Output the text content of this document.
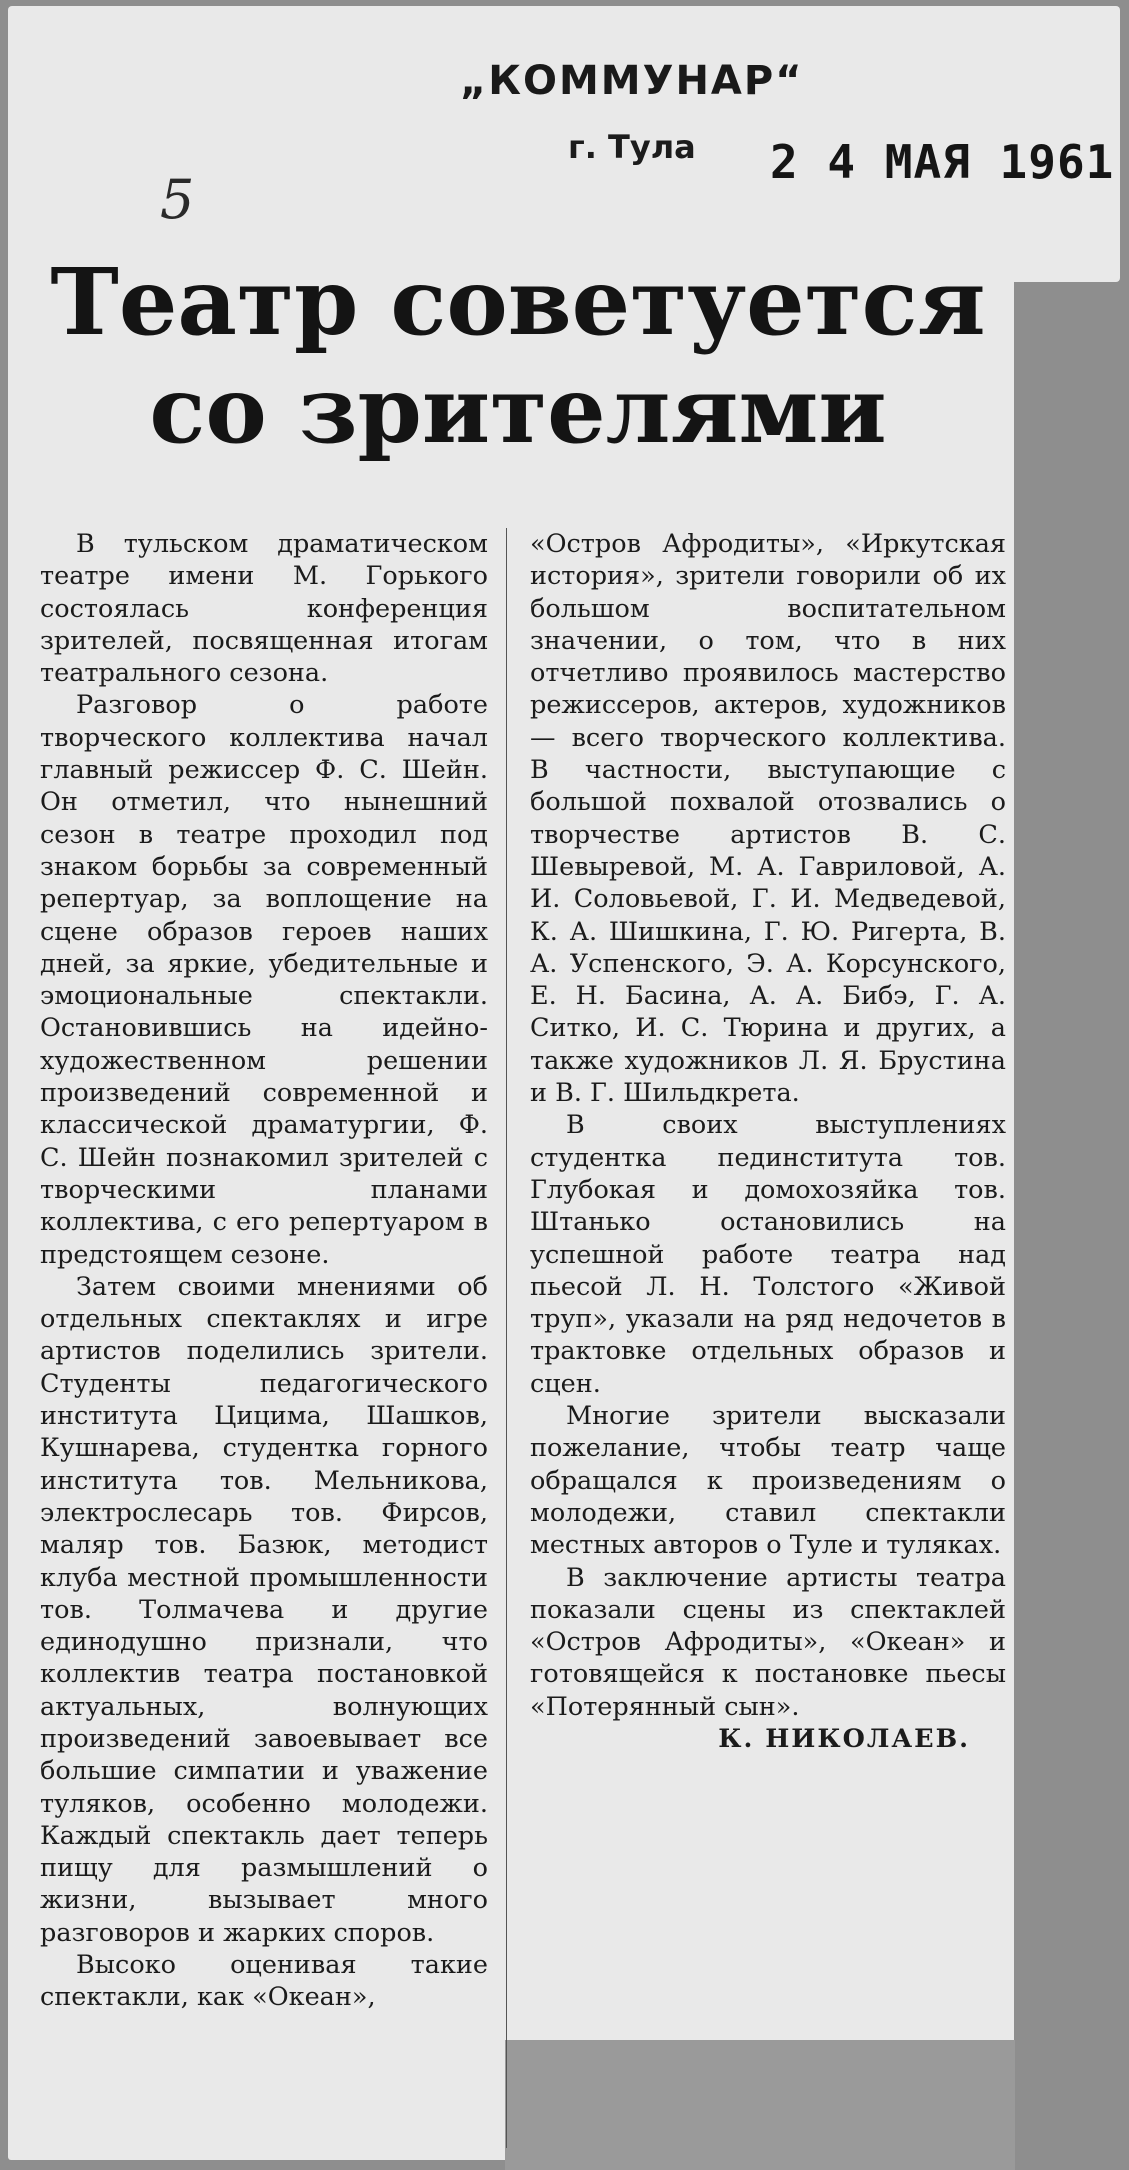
„КОММУНАР“
г. Тула 2 4 МАЯ 1961
5
Театр советуется
со зрителями

В тульском драматическом театре имени М. Горького состоялась конференция зрителей, посвященная итогам театрального сезона.

Разговор о работе творческого коллектива начал главный режиссер Ф. С. Шейн. Он отметил, что нынешний сезон в театре проходил под знаком борьбы за современный репертуар, за воплощение на сцене образов героев наших дней, за яркие, убедительные и эмоциональные спектакли. Остановившись на идейно-художественном решении произведений современной и классической драматургии, Ф. С. Шейн познакомил зрителей с творческими планами коллектива, с его репертуаром в предстоящем сезоне.

Затем своими мнениями об отдельных спектаклях и игре артистов поделились зрители. Студенты педагогического института Цицима, Шашков, Кушнарева, студентка горного института тов. Мельникова, электрослесарь тов. Фирсов, маляр тов. Базюк, методист клуба местной промышленности тов. Толмачева и другие единодушно признали, что коллектив театра постановкой актуальных, волнующих произведений завоевывает все большие симпатии и уважение туляков, особенно молодежи. Каждый спектакль дает теперь пищу для размышлений о жизни, вызывает много разговоров и жарких споров.

Высоко оценивая такие спектакли, как «Океан»,

«Остров Афродиты», «Иркутская история», зрители говорили об их большом воспитательном значении, о том, что в них отчетливо проявилось мастерство режиссеров, актеров, художников — всего творческого коллектива. В частности, выступающие с большой похвалой отозвались о творчестве артистов В. С. Шевыревой, М. А. Гавриловой, А. И. Соловьевой, Г. И. Медведевой, К. А. Шишкина, Г. Ю. Ригерта, В. А. Успенского, Э. А. Корсунского, Е. Н. Басина, А. А. Бибэ, Г. А. Ситко, И. С. Тюрина и других, а также художников Л. Я. Брустина и В. Г. Шильдкрета.

В своих выступлениях студентка пединститута тов. Глубокая и домохозяйка тов. Штанько остановились на успешной работе театра над пьесой Л. Н. Толстого «Живой труп», указали на ряд недочетов в трактовке отдельных образов и сцен.

Многие зрители высказали пожелание, чтобы театр чаще обращался к произведениям о молодежи, ставил спектакли местных авторов о Туле и туляках.

В заключение артисты театра показали сцены из спектаклей «Остров Афродиты», «Океан» и готовящейся к постановке пьесы «Потерянный сын».

К. НИКОЛАЕВ.
